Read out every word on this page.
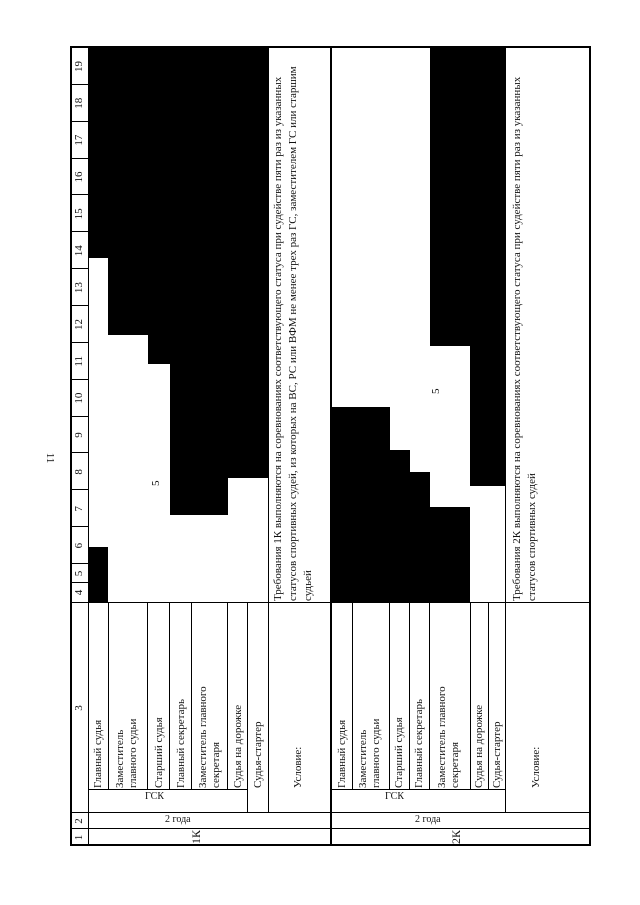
11
1
2
3
1К
2 года
ГСК
Главный судья Заместитель главного судьи Старший судья Главный секретарь Заместитель главного секретаря Судья на дорожке Судья-стартер
5
Условие:
Требования 1К выполняются на соревнованиях соответствующего статуса при судействе пяти раз из указанных статусов спортивных судей, из которых на ВС, РС или ВФМ не менее трех раз ГС, заместителем ГС или старшим судьей
2К
2 года
ГСК
Главный судья Заместитель главного судьи Старший судья Главный секретарь Заместитель главного секретаря Судья на дорожке Судья-стартер
5
Условие:
Требования 2К выполняются на соревнованиях соответствующего статуса при судействе пяти раз из указанных статусов спортивных судей
4
5
6
7
8
9
10
11
12
13
14
15
16
17
18
19
